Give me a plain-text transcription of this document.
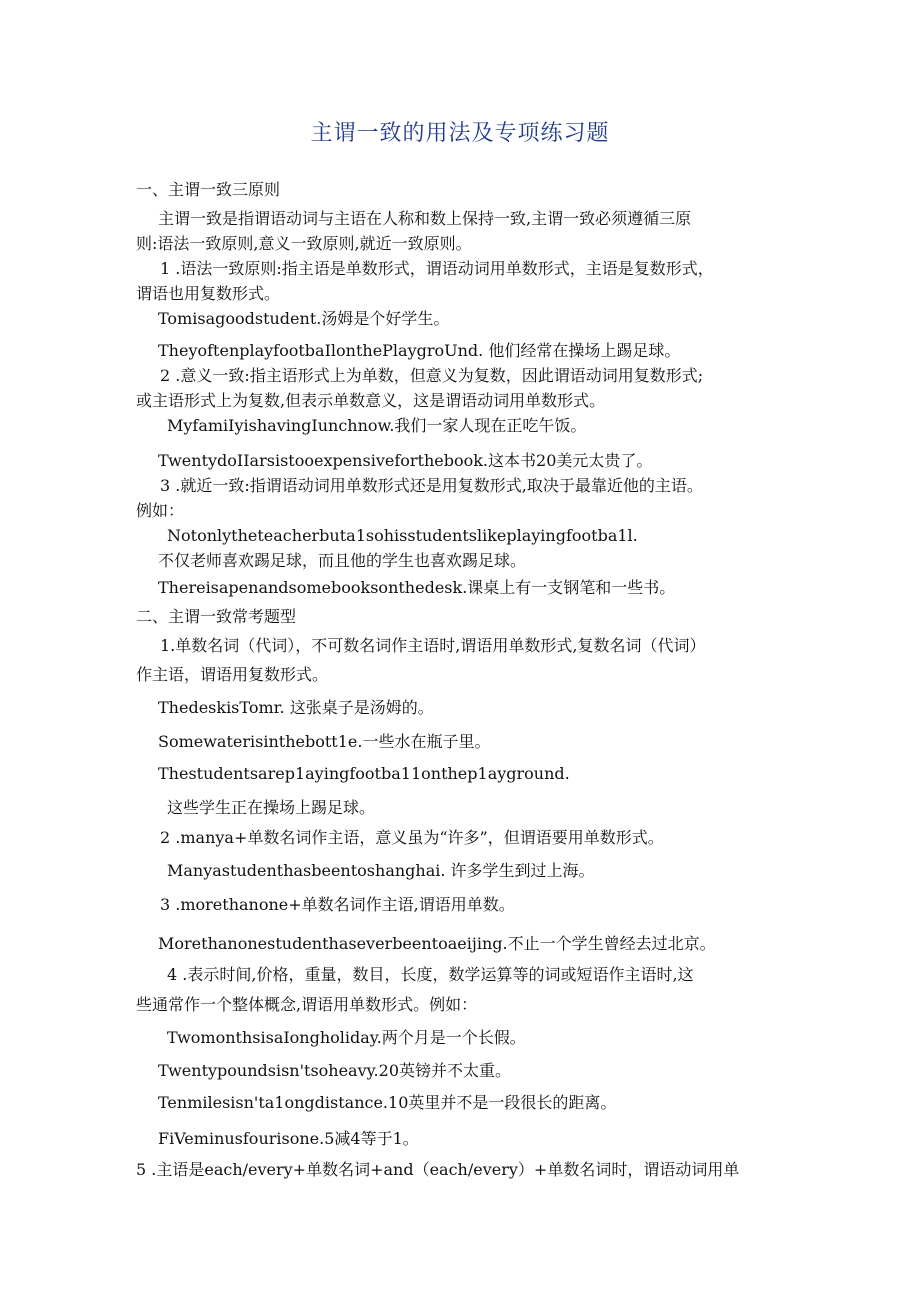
主谓一致的用法及专项练习题
一、主谓一致三原则
主谓一致是指谓语动词与主语在人称和数上保持一致,主谓一致必须遵循三原
则:语法一致原则,意义一致原则,就近一致原则。
1 .语法一致原则:指主语是单数形式，谓语动词用单数形式，主语是复数形式，
谓语也用复数形式。
Tomisagoodstudent.汤姆是个好学生。
TheyoftenplayfootbaIlonthePlaygroUnd. 他们经常在操场上踢足球。
2 .意义一致:指主语形式上为单数，但意义为复数，因此谓语动词用复数形式;
或主语形式上为复数,但表示单数意义，这是谓语动词用单数形式。
MyfamiIyishavingIunchnow.我们一家人现在正吃午饭。
TwentydoIIarsistooexpensiveforthebook.这本书20美元太贵了。
3 .就近一致:指谓语动词用单数形式还是用复数形式,取决于最靠近他的主语。
例如：
Notonlytheteacherbuta1sohisstudentslikeplayingfootba1l.
不仅老师喜欢踢足球，而且他的学生也喜欢踢足球。
Thereisapenandsomebooksonthedesk.课桌上有一支钢笔和一些书。
二、主谓一致常考题型
1.单数名词（代词），不可数名词作主语时,谓语用单数形式,复数名词（代词）
作主语，谓语用复数形式。
ThedeskisTomr. 这张桌子是汤姆的。
Somewaterisinthebott1e.一些水在瓶子里。
Thestudentsarep1ayingfootba11onthep1ayground.
这些学生正在操场上踢足球。
2 .manya+单数名词作主语，意义虽为“许多”，但谓语要用单数形式。
Manyastudenthasbeentoshanghai. 许多学生到过上海。
3 .morethanone+单数名词作主语,谓语用单数。
Morethanonestudenthaseverbeentoaeijing.不止一个学生曾经去过北京。
4 .表示时间,价格，重量，数目，长度，数学运算等的词或短语作主语时,这
些通常作一个整体概念,谓语用单数形式。例如：
TwomonthsisaIongholiday.两个月是一个长假。
Twentypoundsisn'tsoheavy.20英镑并不太重。
Tenmilesisn'ta1ongdistance.10英里并不是一段很长的距离。
FiVeminusfourisone.5减4等于1。
5 .主语是each/every+单数名词+and（each/every）+单数名词时，谓语动词用单
